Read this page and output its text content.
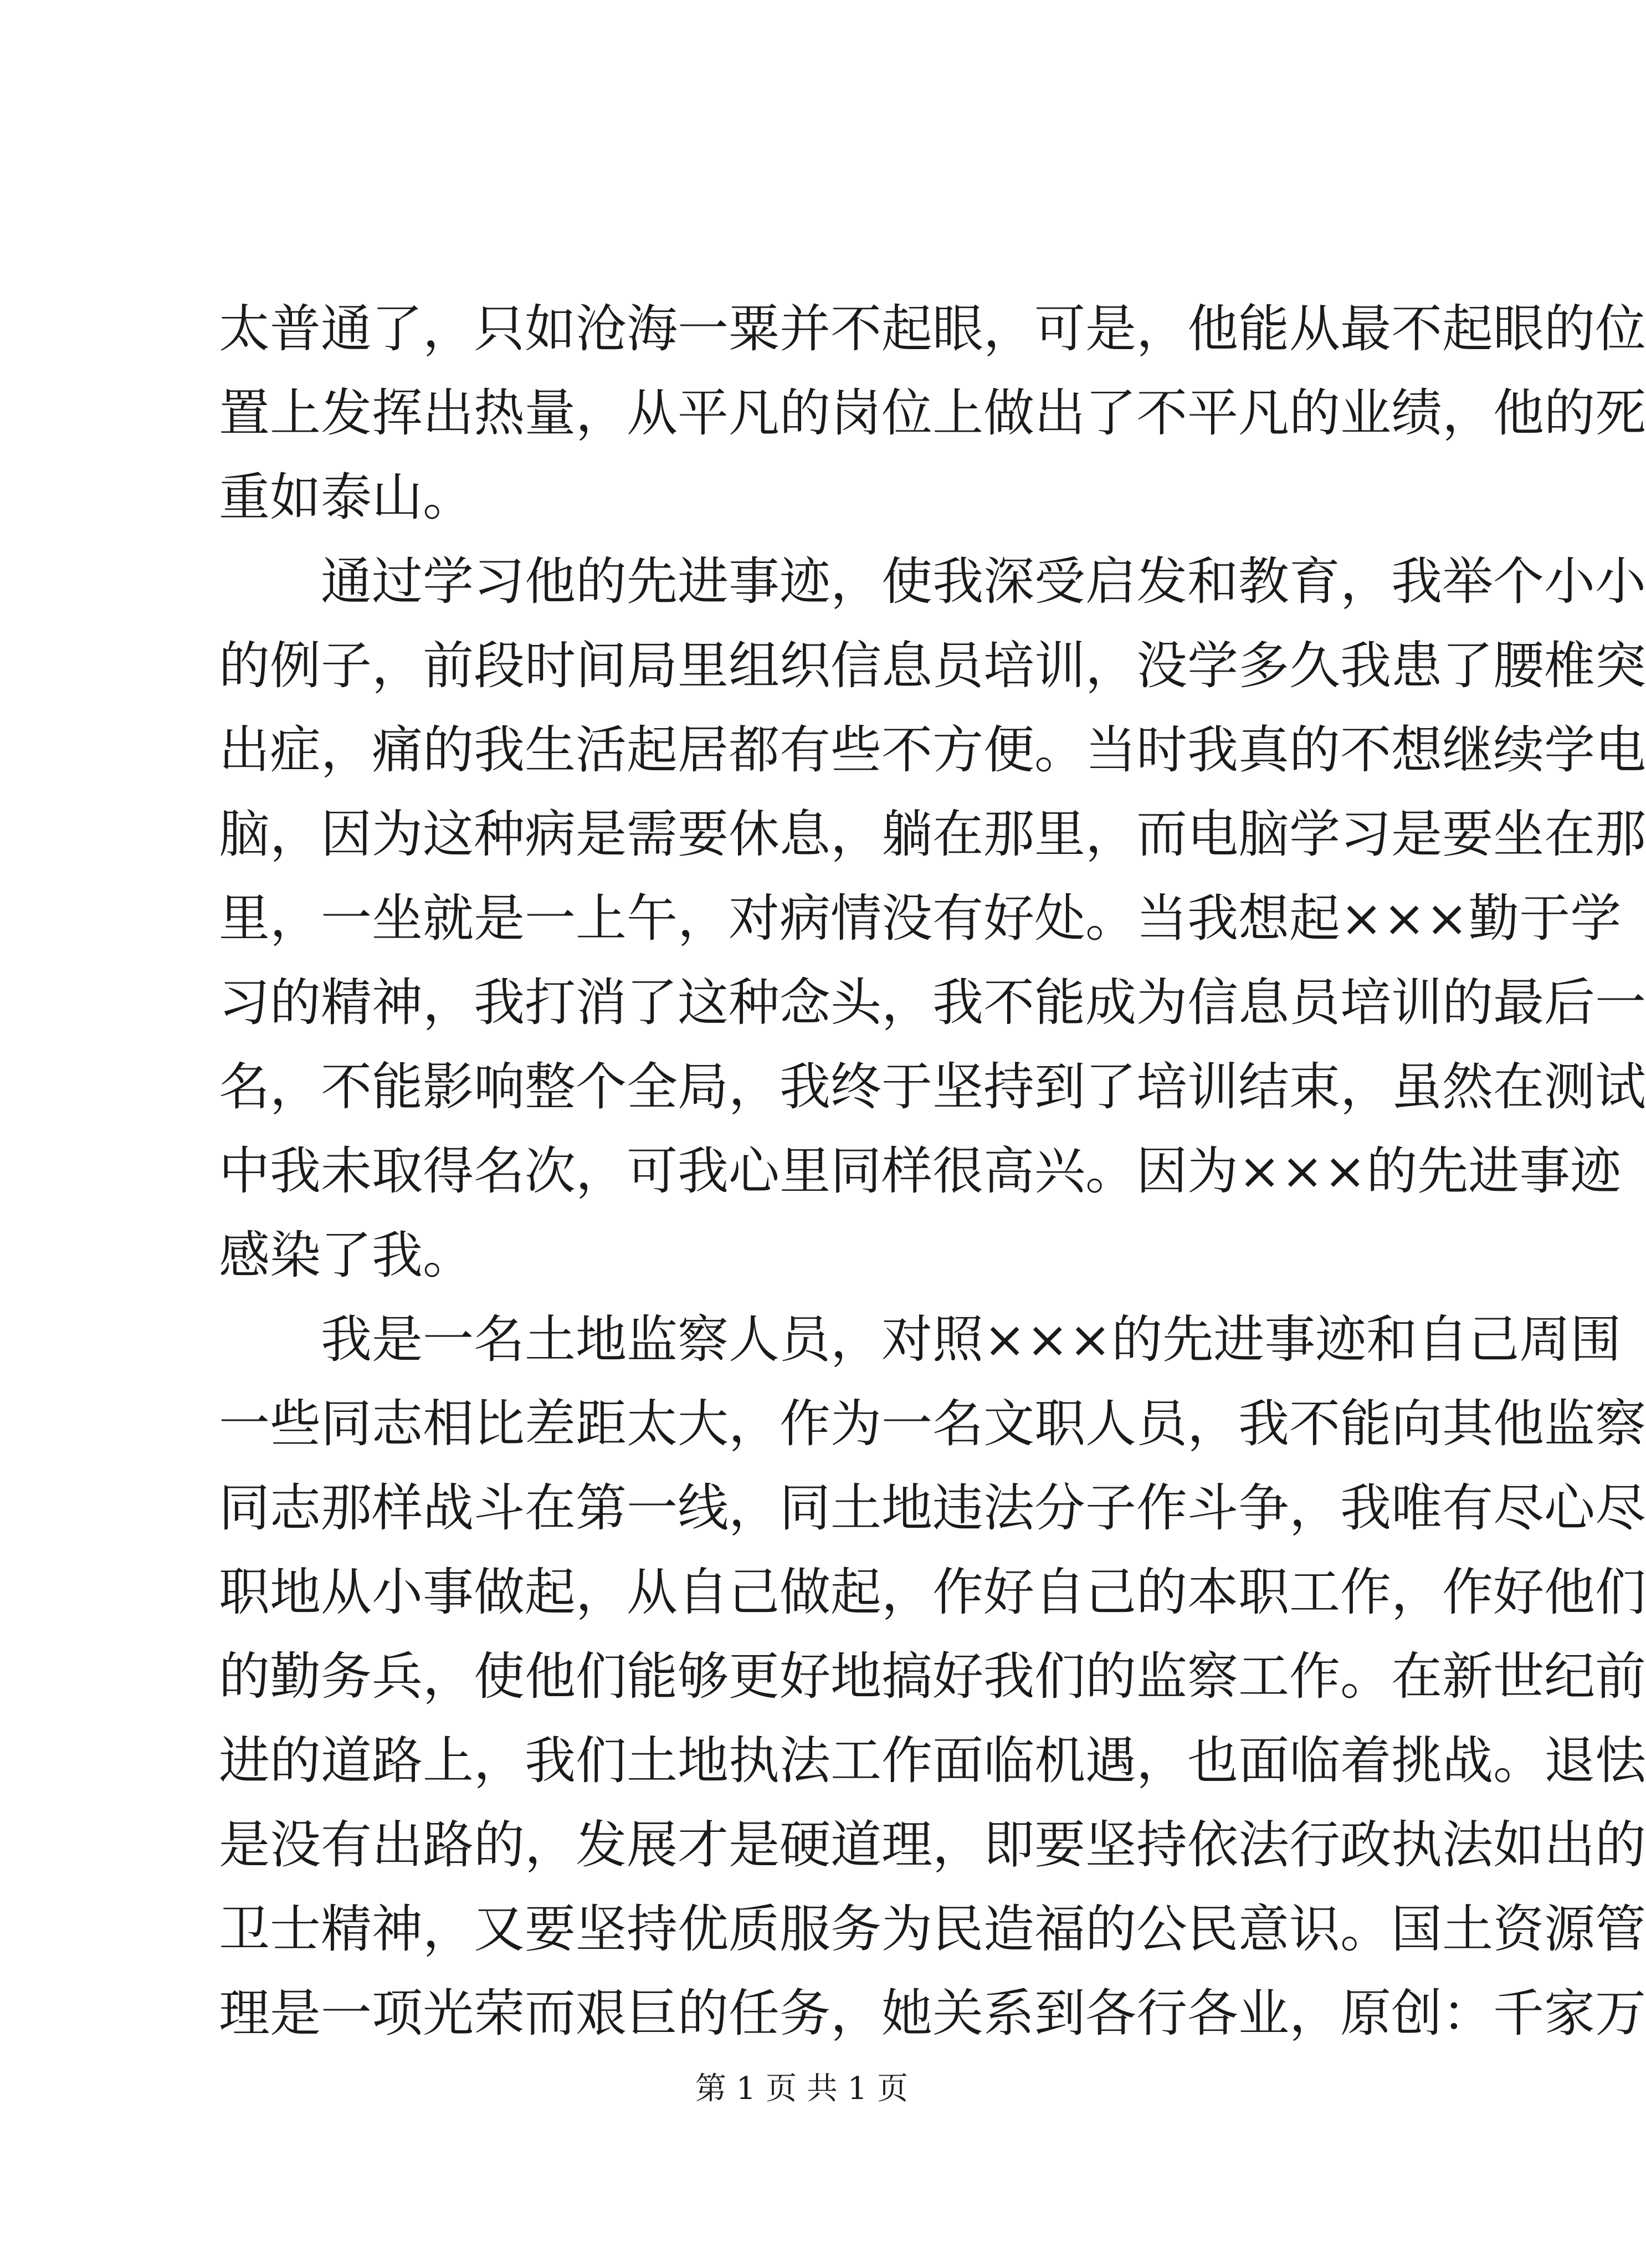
太普通了，只如沧海一粟并不起眼，可是，他能从最不起眼的位
置上发挥出热量，从平凡的岗位上做出了不平凡的业绩，他的死
重如泰山。
　　通过学习他的先进事迹，使我深受启发和教育，我举个小小
的例子，前段时间局里组织信息员培训，没学多久我患了腰椎突
出症，痛的我生活起居都有些不方便。当时我真的不想继续学电
脑，因为这种病是需要休息，躺在那里，而电脑学习是要坐在那
里，一坐就是一上午，对病情没有好处。当我想起×××勤于学
习的精神，我打消了这种念头，我不能成为信息员培训的最后一
名，不能影响整个全局，我终于坚持到了培训结束，虽然在测试
中我未取得名次，可我心里同样很高兴。因为×××的先进事迹
感染了我。
　　我是一名土地监察人员，对照×××的先进事迹和自己周围
一些同志相比差距太大，作为一名文职人员，我不能向其他监察
同志那样战斗在第一线，同土地违法分子作斗争，我唯有尽心尽
职地从小事做起，从自己做起，作好自己的本职工作，作好他们
的勤务兵，使他们能够更好地搞好我们的监察工作。在新世纪前
进的道路上，我们土地执法工作面临机遇，也面临着挑战。退怯
是没有出路的，发展才是硬道理，即要坚持依法行政执法如出的
卫士精神，又要坚持优质服务为民造福的公民意识。国土资源管
理是一项光荣而艰巨的任务，她关系到各行各业，原创：千家万
第 1 页 共 1 页
